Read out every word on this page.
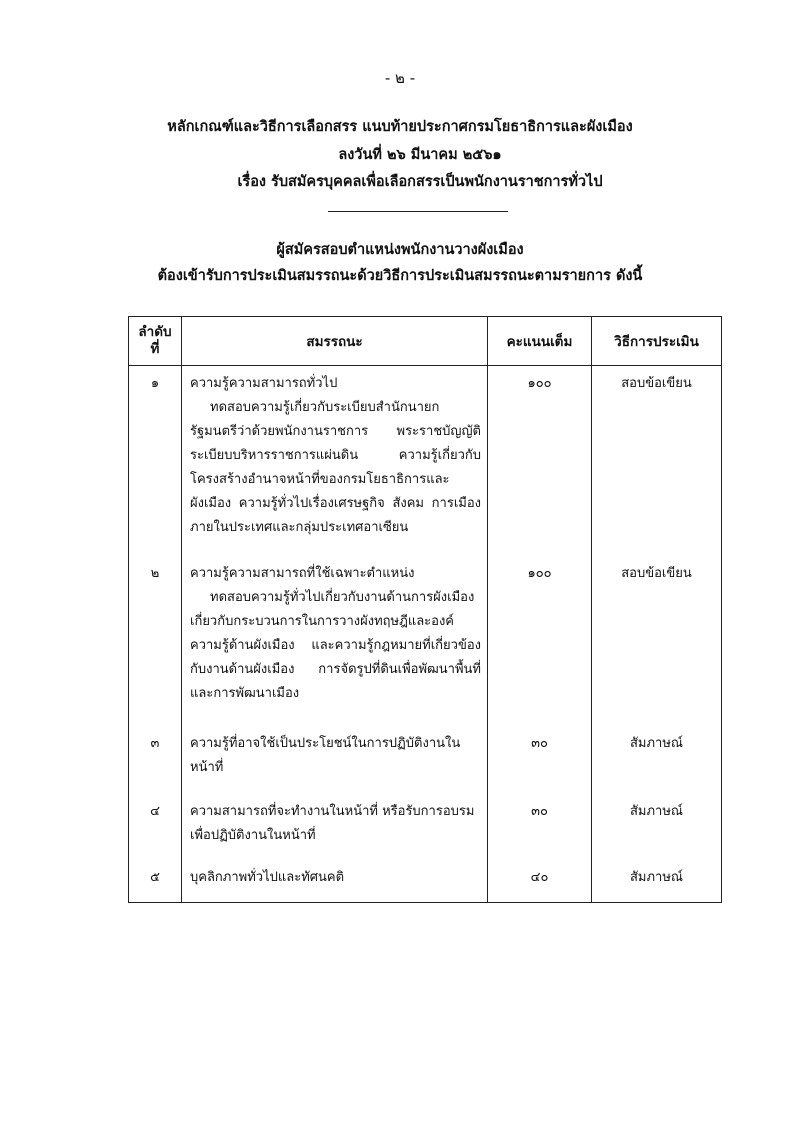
- ๒ -
หลักเกณฑ์และวิธีการเลือกสรร แนบท้ายประกาศกรมโยธาธิการและผังเมือง
ลงวันที่ ๒๖ มีนาคม ๒๕๖๑
เรื่อง รับสมัครบุคคลเพื่อเลือกสรรเป็นพนักงานราชการทั่วไป
ผู้สมัครสอบตำแหน่งพนักงานวางผังเมือง
ต้องเข้ารับการประเมินสมรรถนะด้วยวิธีการประเมินสมรรถนะตามรายการ ดังนี้
ลำดับ
ที่	สมรรถนะ	คะแนนเต็ม	วิธีการประเมิน
๑	ความรู้ความสามารถทั่วไป
ทดสอบความรู้เกี่ยวกับระเบียบสำนักนายกรัฐมนตรีว่าด้วยพนักงานราชการ พระราชบัญญัติระเบียบบริหารราชการแผ่นดิน ความรู้เกี่ยวกับโครงสร้างอำนาจหน้าที่ของกรมโยธาธิการและผังเมือง ความรู้ทั่วไปเรื่องเศรษฐกิจ สังคม การเมือง ภายในประเทศและกลุ่มประเทศอาเซียน	๑๐๐	สอบข้อเขียน
๒	ความรู้ความสามารถที่ใช้เฉพาะตำแหน่ง
ทดสอบความรู้ทั่วไปเกี่ยวกับงานด้านการผังเมือง เกี่ยวกับกระบวนการในการวางผังทฤษฎีและองค์ความรู้ด้านผังเมือง และความรู้กฎหมายที่เกี่ยวข้องกับงานด้านผังเมือง การจัดรูปที่ดินเพื่อพัฒนาพื้นที่และการพัฒนาเมือง	๑๐๐	สอบข้อเขียน
๓	ความรู้ที่อาจใช้เป็นประโยชน์ในการปฏิบัติงานในหน้าที่	๓๐	สัมภาษณ์
๔	ความสามารถที่จะทำงานในหน้าที่ หรือรับการอบรมเพื่อปฏิบัติงานในหน้าที่	๓๐	สัมภาษณ์
๕	บุคลิกภาพทั่วไปและทัศนคติ	๔๐	สัมภาษณ์
